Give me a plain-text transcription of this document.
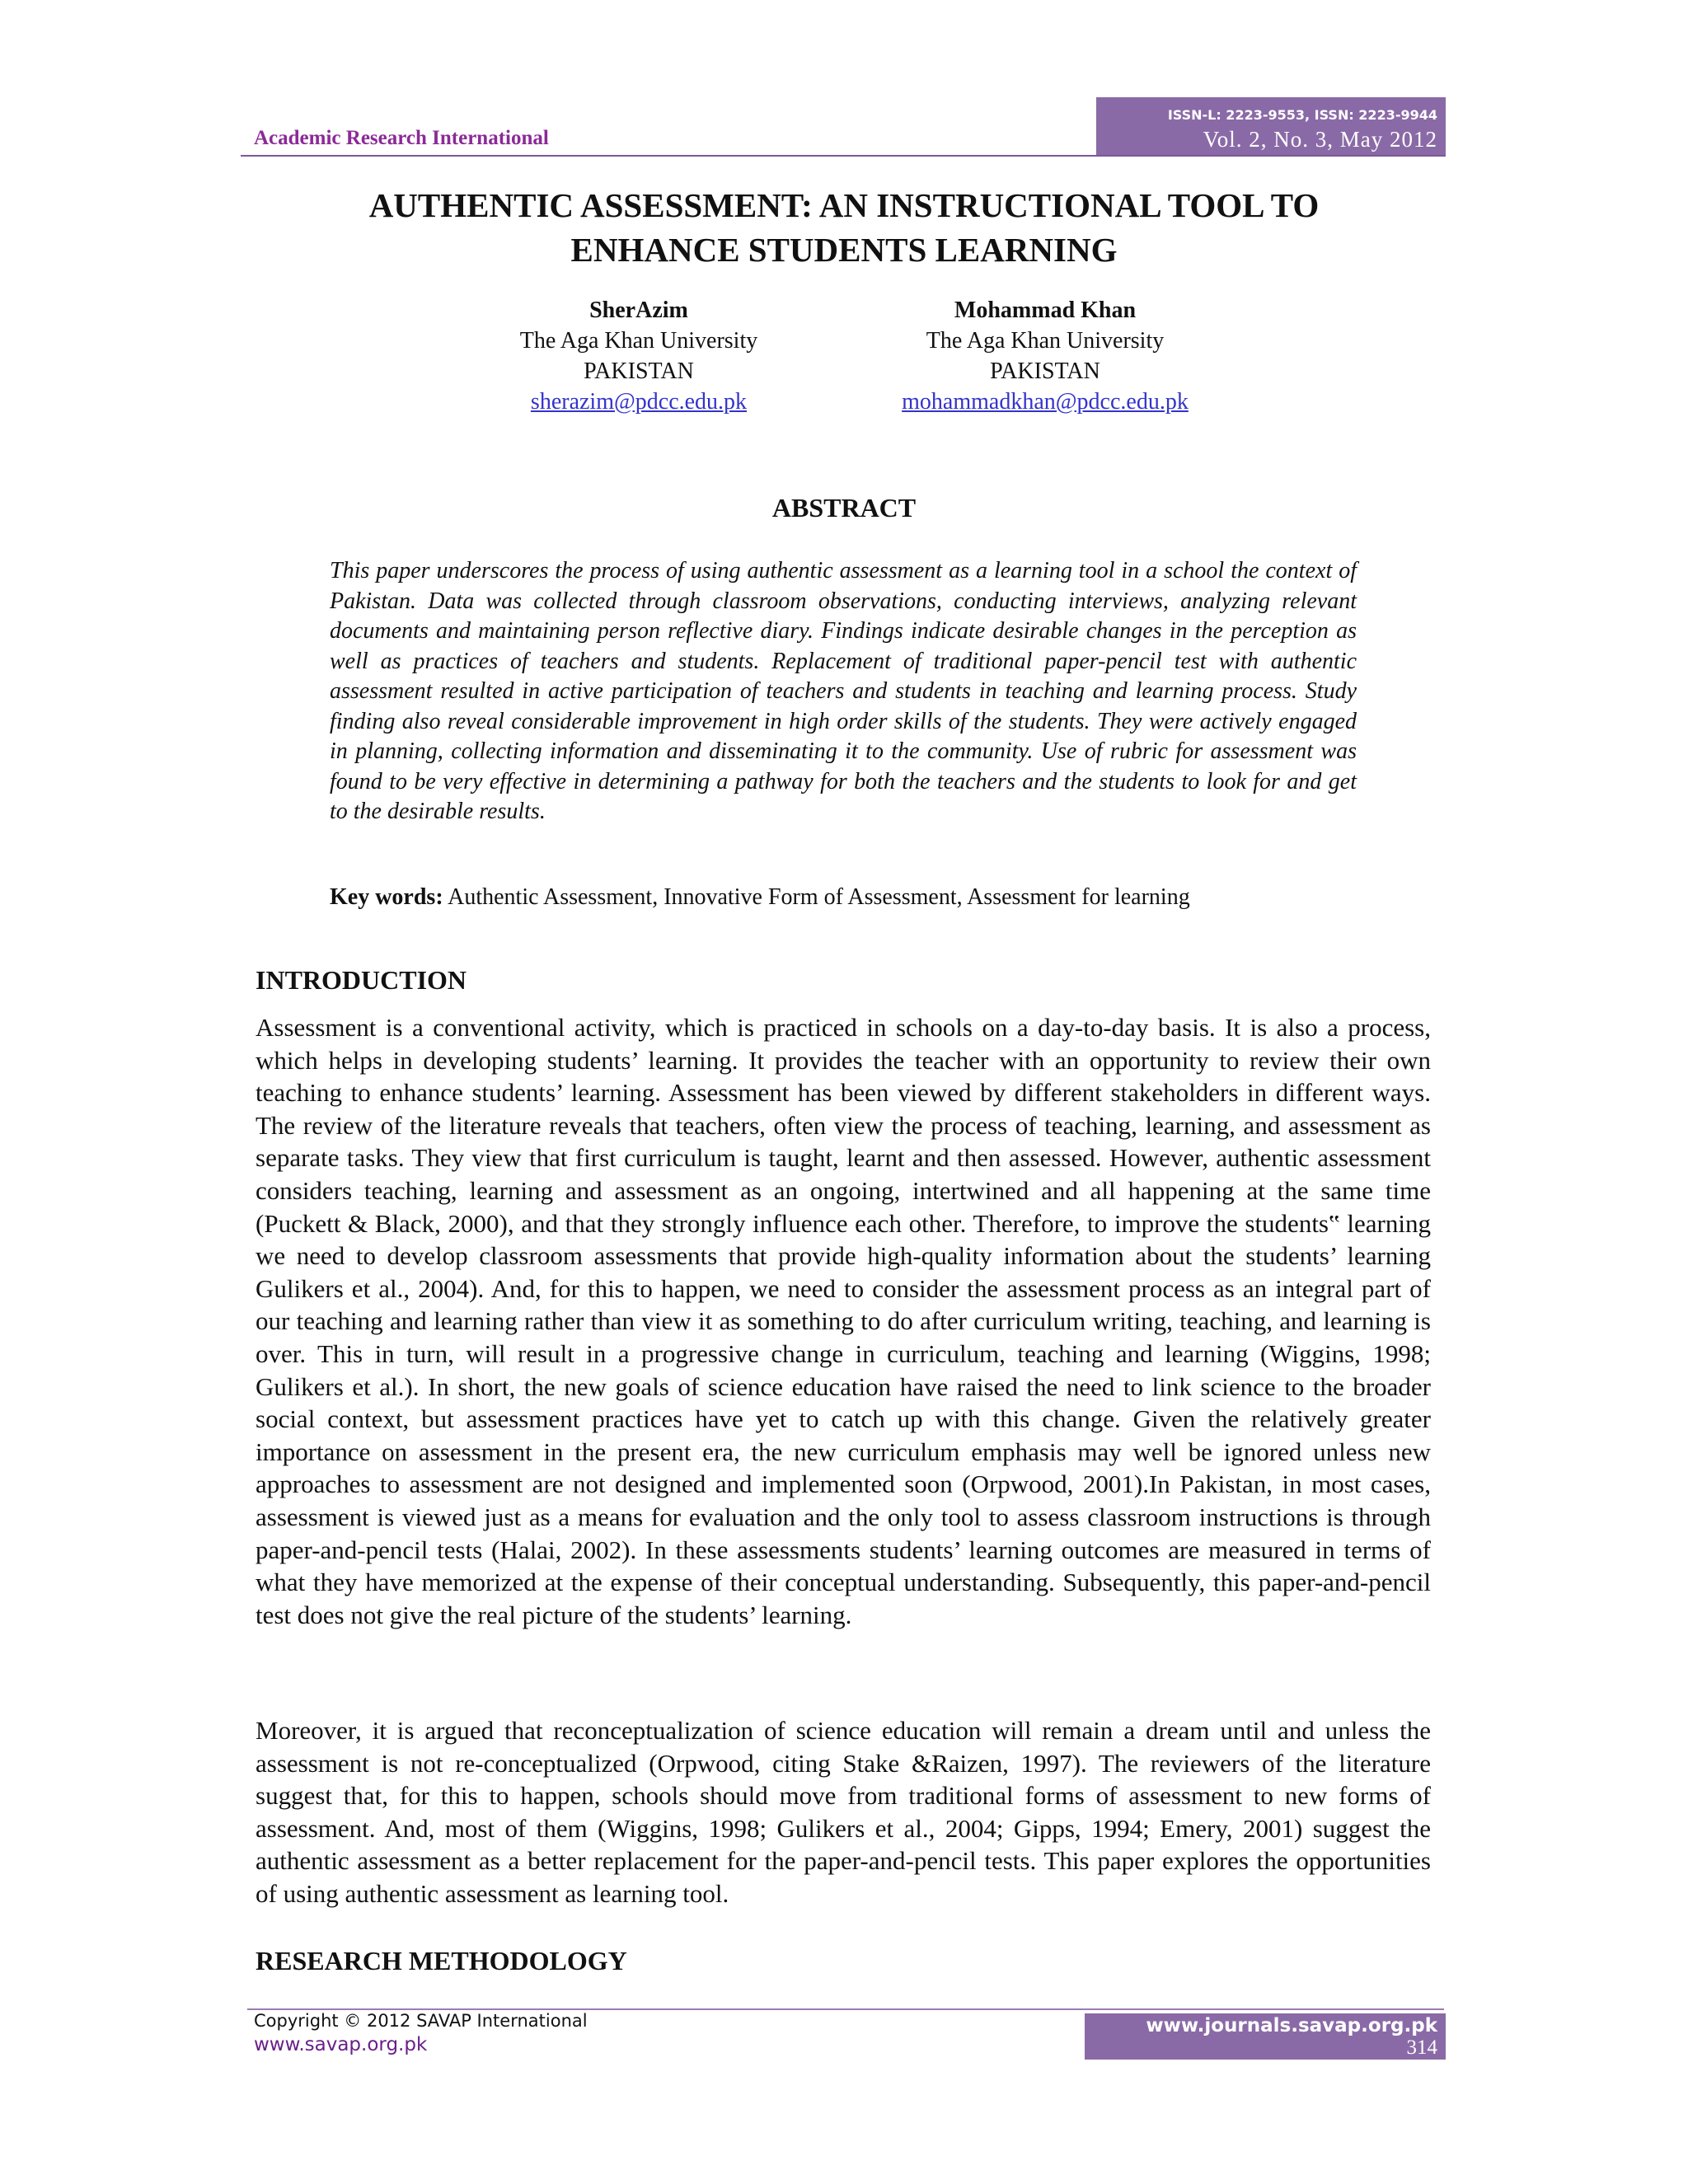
Academic Research International
ISSN-L: 2223-9553, ISSN: 2223-9944
Vol. 2, No. 3, May 2012
AUTHENTIC ASSESSMENT: AN INSTRUCTIONAL TOOL TO
ENHANCE STUDENTS LEARNING
SherAzim
The Aga Khan University
PAKISTAN
sherazim@pdcc.edu.pk
Mohammad Khan
The Aga Khan University
PAKISTAN
mohammadkhan@pdcc.edu.pk
ABSTRACT
This paper underscores the process of using authentic assessment as a learning tool in a school the context of Pakistan. Data was collected through classroom observations, conducting interviews, analyzing relevant documents and maintaining person reflective diary. Findings indicate desirable changes in the perception as well as practices of teachers and students. Replacement of traditional paper-pencil test with authentic assessment resulted in active participation of teachers and students in teaching and learning process. Study finding also reveal considerable improvement in high order skills of the students. They were actively engaged in planning, collecting information and disseminating it to the community. Use of rubric for assessment was found to be very effective in determining a pathway for both the teachers and the students to look for and get to the desirable results.
Key words: Authentic Assessment, Innovative Form of Assessment, Assessment for learning
INTRODUCTION
Assessment is a conventional activity, which is practiced in schools on a day-to-day basis. It is also a process, which helps in developing students’ learning. It provides the teacher with an opportunity to review their own teaching to enhance students’ learning. Assessment has been viewed by different stakeholders in different ways. The review of the literature reveals that teachers, often view the process of teaching, learning, and assessment as separate tasks. They view that first curriculum is taught, learnt and then assessed. However, authentic assessment considers teaching, learning and assessment as an ongoing, intertwined and all happening at the same time (Puckett & Black, 2000), and that they strongly influence each other. Therefore, to improve the students‟ learning we need to develop classroom assessments that provide high-quality information about the students’ learning Gulikers et al., 2004). And, for this to happen, we need to consider the assessment process as an integral part of our teaching and learning rather than view it as something to do after curriculum writing, teaching, and learning is over. This in turn, will result in a progressive change in curriculum, teaching and learning (Wiggins, 1998; Gulikers et al.). In short, the new goals of science education have raised the need to link science to the broader social context, but assessment practices have yet to catch up with this change. Given the relatively greater importance on assessment in the present era, the new curriculum emphasis may well be ignored unless new approaches to assessment are not designed and implemented soon (Orpwood, 2001).In Pakistan, in most cases, assessment is viewed just as a means for evaluation and the only tool to assess classroom instructions is through paper-and-pencil tests (Halai, 2002). In these assessments students’ learning outcomes are measured in terms of what they have memorized at the expense of their conceptual understanding. Subsequently, this paper-and-pencil test does not give the real picture of the students’ learning.
Moreover, it is argued that reconceptualization of science education will remain a dream until and unless the assessment is not re-conceptualized (Orpwood, citing Stake &Raizen, 1997). The reviewers of the literature suggest that, for this to happen, schools should move from traditional forms of assessment to new forms of assessment. And, most of them (Wiggins, 1998; Gulikers et al., 2004; Gipps, 1994; Emery, 2001) suggest the authentic assessment as a better replacement for the paper-and-pencil tests. This paper explores the opportunities of using authentic assessment as learning tool.
RESEARCH METHODOLOGY
Copyright © 2012 SAVAP International
www.savap.org.pk
www.journals.savap.org.pk
314
